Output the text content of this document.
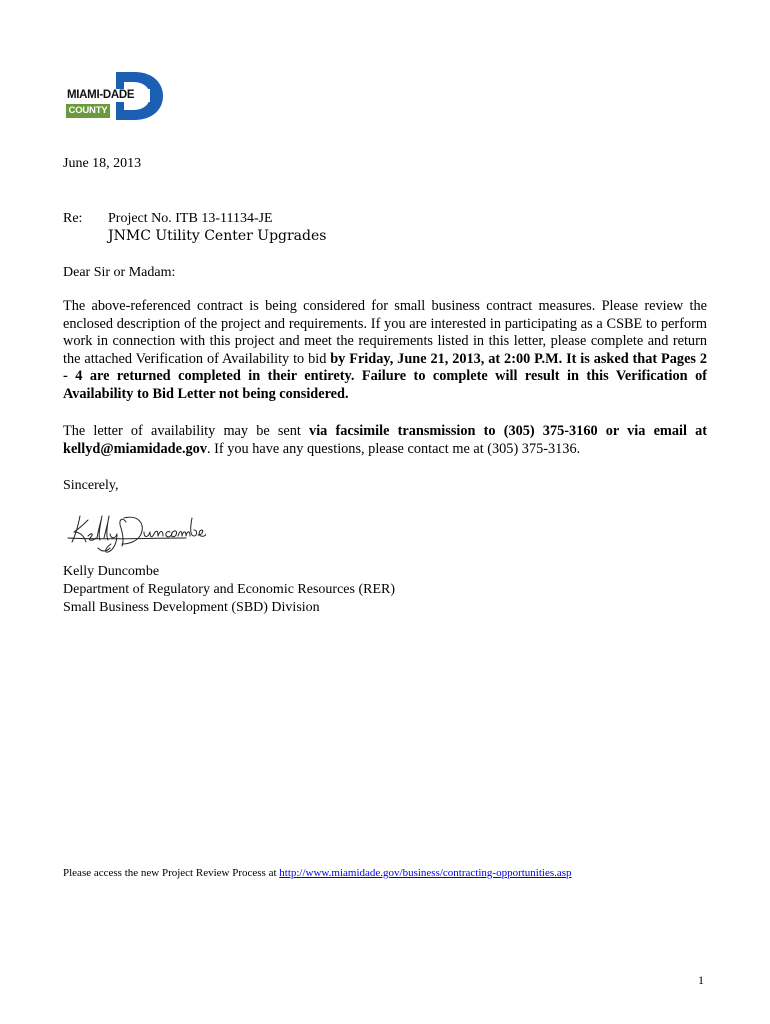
MIAMI-DADE
COUNTY
June 18, 2013
Re: Project No. ITB 13-11134-JE
JNMC Utility Center Upgrades
Dear Sir or Madam:
The above-referenced contract is being considered for small business contract measures. Please review the enclosed description of the project and requirements. If you are interested in participating as a CSBE to perform work in connection with this project and meet the requirements listed in this letter, please complete and return the attached Verification of Availability to bid by Friday, June 21, 2013, at 2:00 P.M. It is asked that Pages 2 - 4 are returned completed in their entirety. Failure to complete will result in this Verification of Availability to Bid Letter not being considered.
The letter of availability may be sent via facsimile transmission to (305) 375-3160 or via email at kellyd@miamidade.gov. If you have any questions, please contact me at (305) 375-3136.
Sincerely,
Kelly Duncombe
Department of Regulatory and Economic Resources (RER)
Small Business Development (SBD) Division
Please access the new Project Review Process at http://www.miamidade.gov/business/contracting-opportunities.asp
1
